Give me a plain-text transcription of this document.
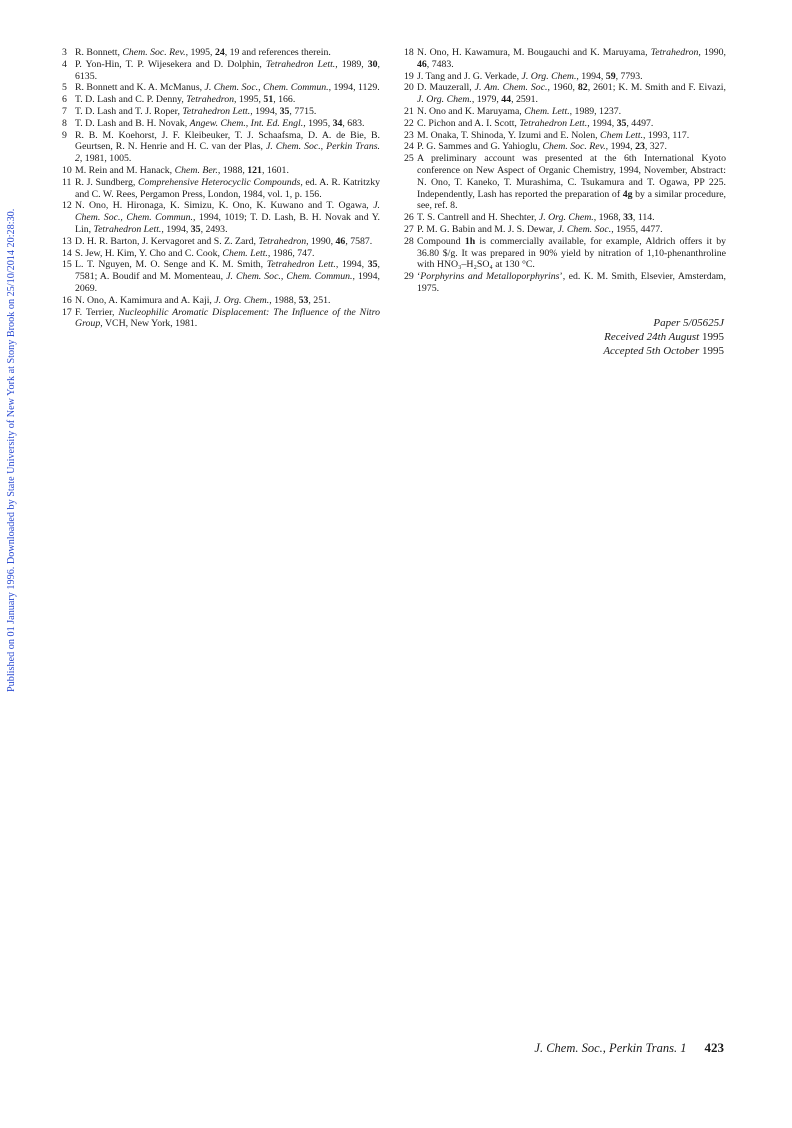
Published on 01 January 1996. Downloaded by State University of New York at Stony Brook on 25/10/2014 20:28:30.
3 R. Bonnett, Chem. Soc. Rev., 1995, 24, 19 and references therein.
4 P. Yon-Hin, T. P. Wijesekera and D. Dolphin, Tetrahedron Lett., 1989, 30, 6135.
5 R. Bonnett and K. A. McManus, J. Chem. Soc., Chem. Commun., 1994, 1129.
6 T. D. Lash and C. P. Denny, Tetrahedron, 1995, 51, 166.
7 T. D. Lash and T. J. Roper, Tetrahedron Lett., 1994, 35, 7715.
8 T. D. Lash and B. H. Novak, Angew. Chem., Int. Ed. Engl., 1995, 34, 683.
9 R. B. M. Koehorst, J. F. Kleibeuker, T. J. Schaafsma, D. A. de Bie, B. Geurtsen, R. N. Henrie and H. C. van der Plas, J. Chem. Soc., Perkin Trans. 2, 1981, 1005.
10 M. Rein and M. Hanack, Chem. Ber., 1988, 121, 1601.
11 R. J. Sundberg, Comprehensive Heterocyclic Compounds, ed. A. R. Katritzky and C. W. Rees, Pergamon Press, London, 1984, vol. 1, p. 156.
12 N. Ono, H. Hironaga, K. Simizu, K. Ono, K. Kuwano and T. Ogawa, J. Chem. Soc., Chem. Commun., 1994, 1019; T. D. Lash, B. H. Novak and Y. Lin, Tetrahedron Lett., 1994, 35, 2493.
13 D. H. R. Barton, J. Kervagoret and S. Z. Zard, Tetrahedron, 1990, 46, 7587.
14 S. Jew, H. Kim, Y. Cho and C. Cook, Chem. Lett., 1986, 747.
15 L. T. Nguyen, M. O. Senge and K. M. Smith, Tetrahedron Lett., 1994, 35, 7581; A. Boudif and M. Momenteau, J. Chem. Soc., Chem. Commun., 1994, 2069.
16 N. Ono, A. Kamimura and A. Kaji, J. Org. Chem., 1988, 53, 251.
17 F. Terrier, Nucleophilic Aromatic Displacement: The Influence of the Nitro Group, VCH, New York, 1981.
18 N. Ono, H. Kawamura, M. Bougauchi and K. Maruyama, Tetrahedron, 1990, 46, 7483.
19 J. Tang and J. G. Verkade, J. Org. Chem., 1994, 59, 7793.
20 D. Mauzerall, J. Am. Chem. Soc., 1960, 82, 2601; K. M. Smith and F. Eivazi, J. Org. Chem., 1979, 44, 2591.
21 N. Ono and K. Maruyama, Chem. Lett., 1989, 1237.
22 C. Pichon and A. I. Scott, Tetrahedron Lett., 1994, 35, 4497.
23 M. Onaka, T. Shinoda, Y. Izumi and E. Nolen, Chem Lett., 1993, 117.
24 P. G. Sammes and G. Yahioglu, Chem. Soc. Rev., 1994, 23, 327.
25 A preliminary account was presented at the 6th International Kyoto conference on New Aspect of Organic Chemistry, 1994, November, Abstract: N. Ono, T. Kaneko, T. Murashima, C. Tsukamura and T. Ogawa, PP 225. Independently, Lash has reported the preparation of 4g by a similar procedure, see, ref. 8.
26 T. S. Cantrell and H. Shechter, J. Org. Chem., 1968, 33, 114.
27 P. M. G. Babin and M. J. S. Dewar, J. Chem. Soc., 1955, 4477.
28 Compound 1h is commercially available, for example, Aldrich offers it by 36.80 $/g. It was prepared in 90% yield by nitration of 1,10-phenanthroline with HNO₃–H₂SO₄ at 130 °C.
29 ‘Porphyrins and Metalloporphyrins’, ed. K. M. Smith, Elsevier, Amsterdam, 1975.
Paper 5/05625J
Received 24th August 1995
Accepted 5th October 1995
J. Chem. Soc., Perkin Trans. 1 423
